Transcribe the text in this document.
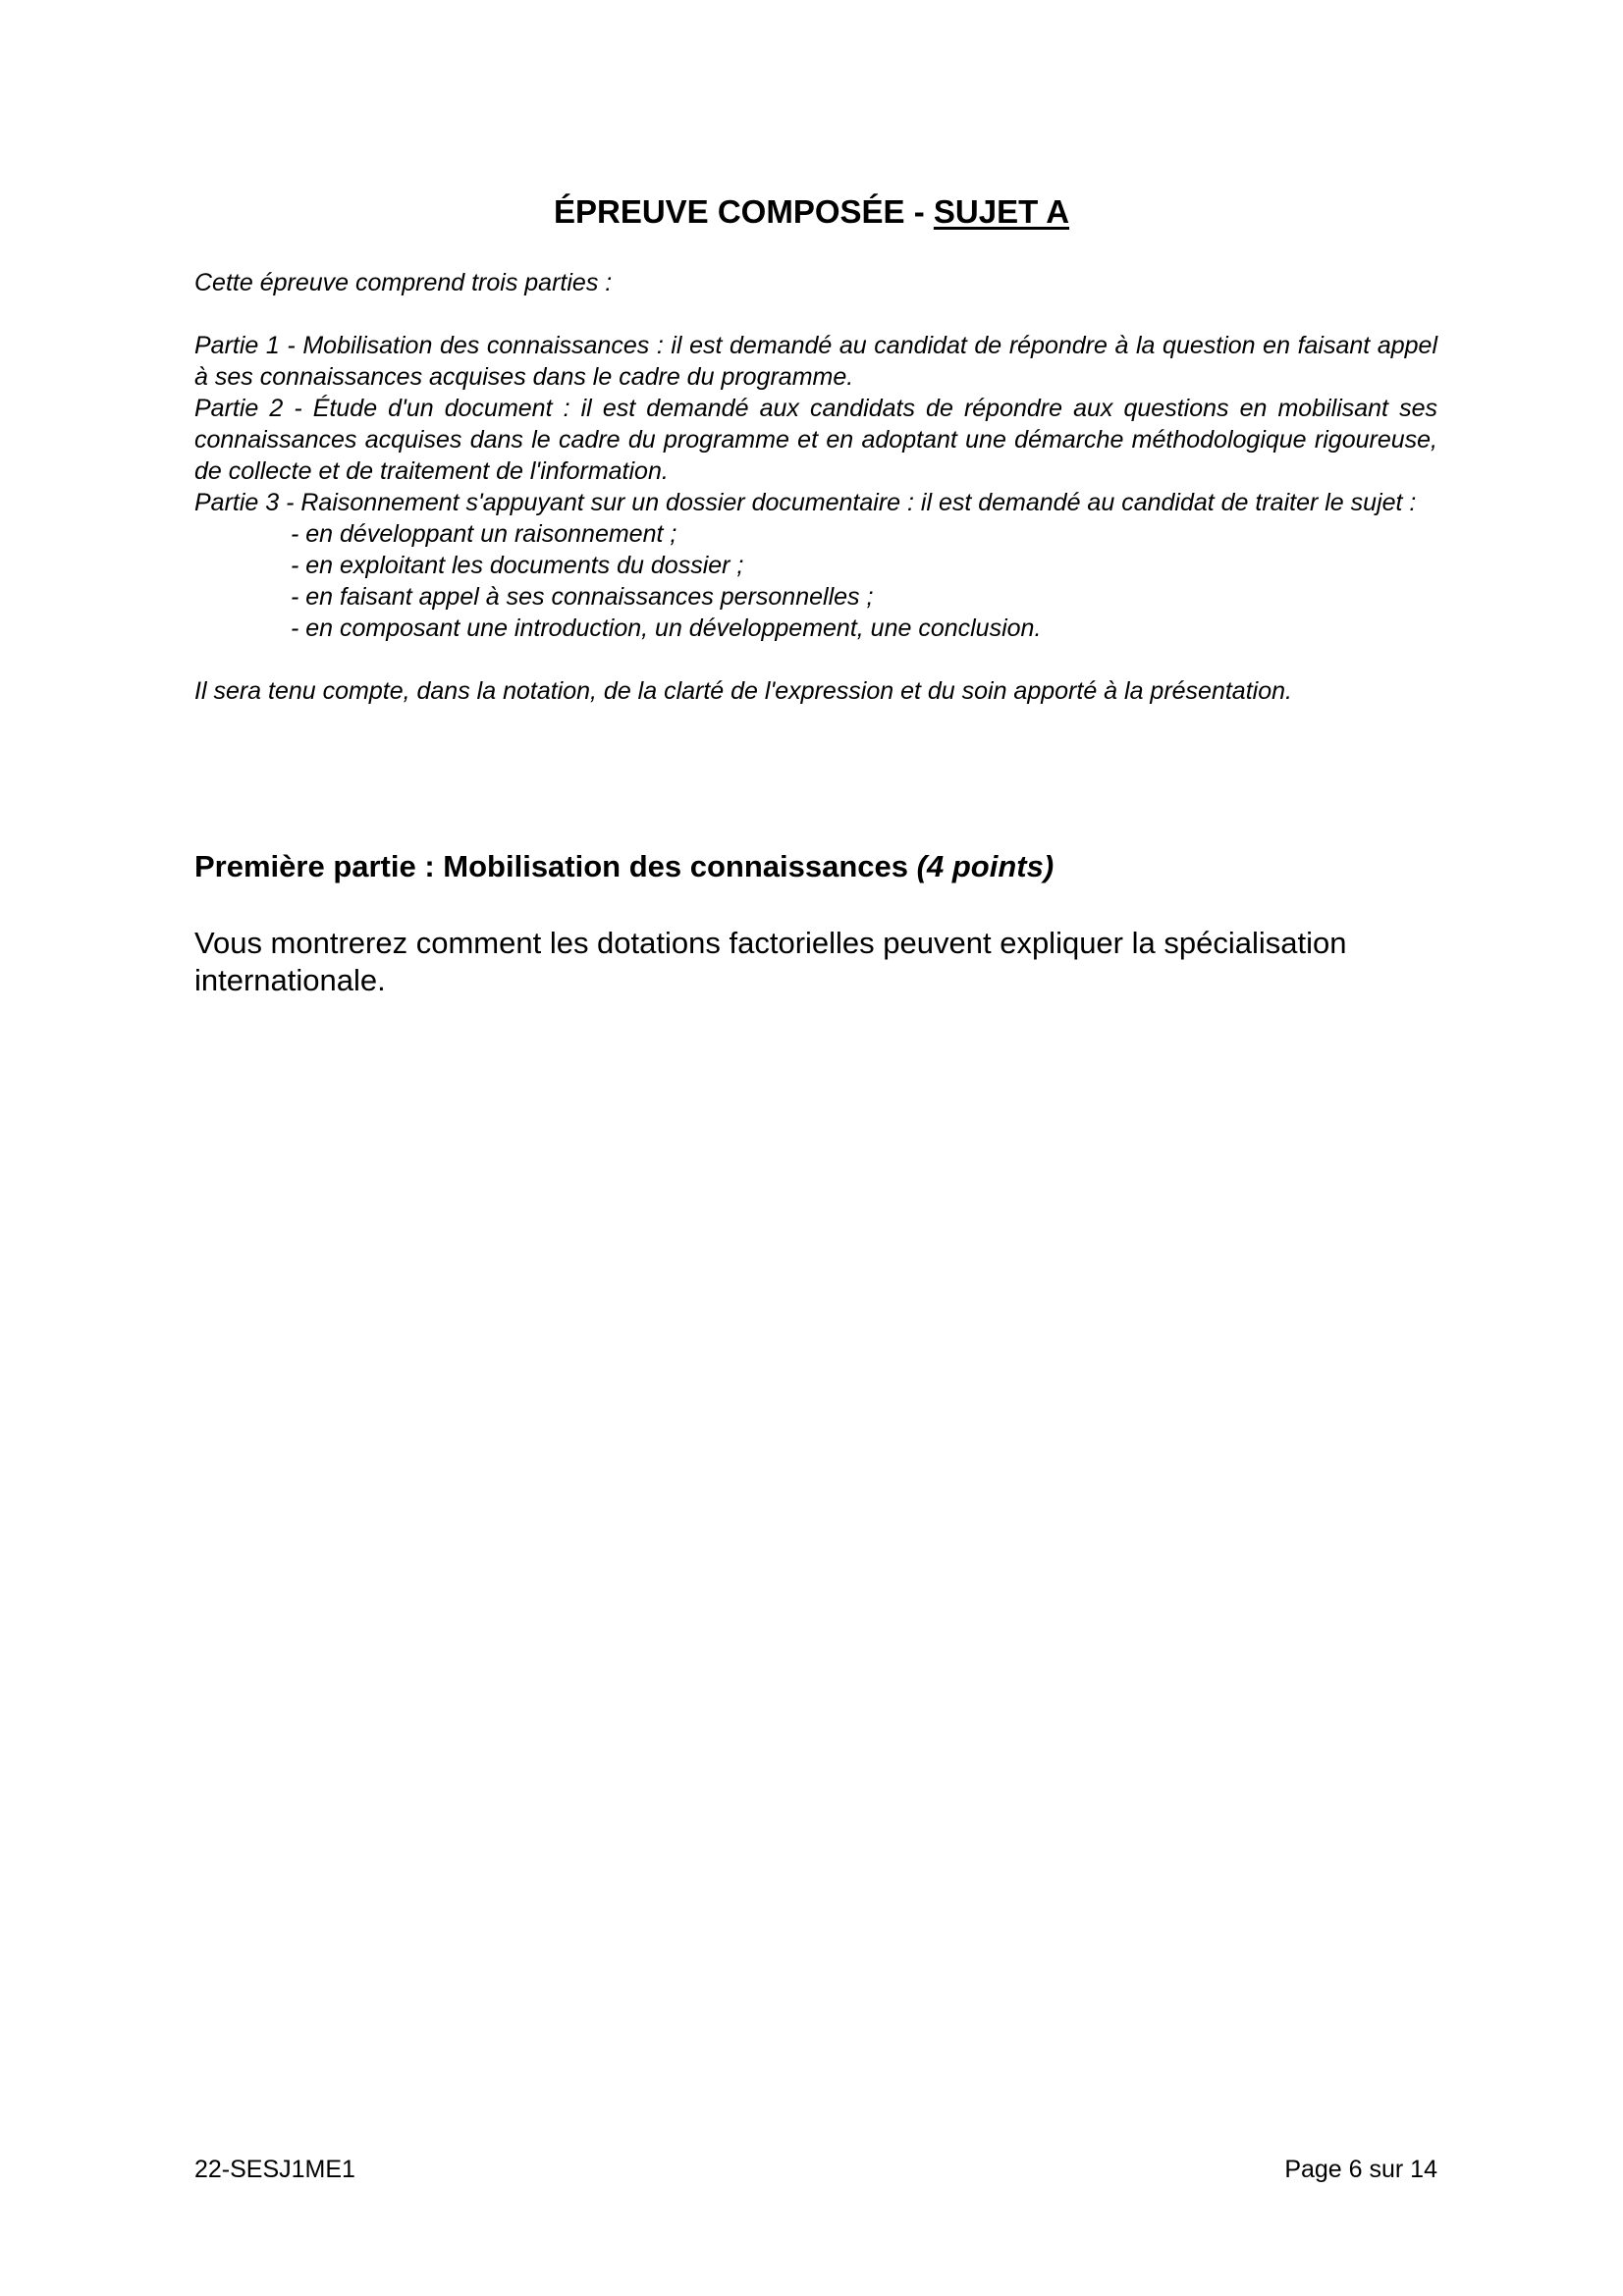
ÉPREUVE COMPOSÉE - SUJET A

Cette épreuve comprend trois parties :

Partie 1 - Mobilisation des connaissances : il est demandé au candidat de répondre à la question en faisant appel à ses connaissances acquises dans le cadre du programme.

Partie 2 - Étude d'un document : il est demandé aux candidats de répondre aux questions en mobilisant ses connaissances acquises dans le cadre du programme et en adoptant une démarche méthodologique rigoureuse, de collecte et de traitement de l'information.

Partie 3 - Raisonnement s'appuyant sur un dossier documentaire : il est demandé au candidat de traiter le sujet :

- en développant un raisonnement ;
- en exploitant les documents du dossier ;
- en faisant appel à ses connaissances personnelles ;
- en composant une introduction, un développement, une conclusion.

Il sera tenu compte, dans la notation, de la clarté de l'expression et du soin apporté à la présentation.

Première partie : Mobilisation des connaissances (4 points)
Vous montrerez comment les dotations factorielles peuvent expliquer la spécialisation internationale.
22-SESJ1ME1	Page 6 sur 14
